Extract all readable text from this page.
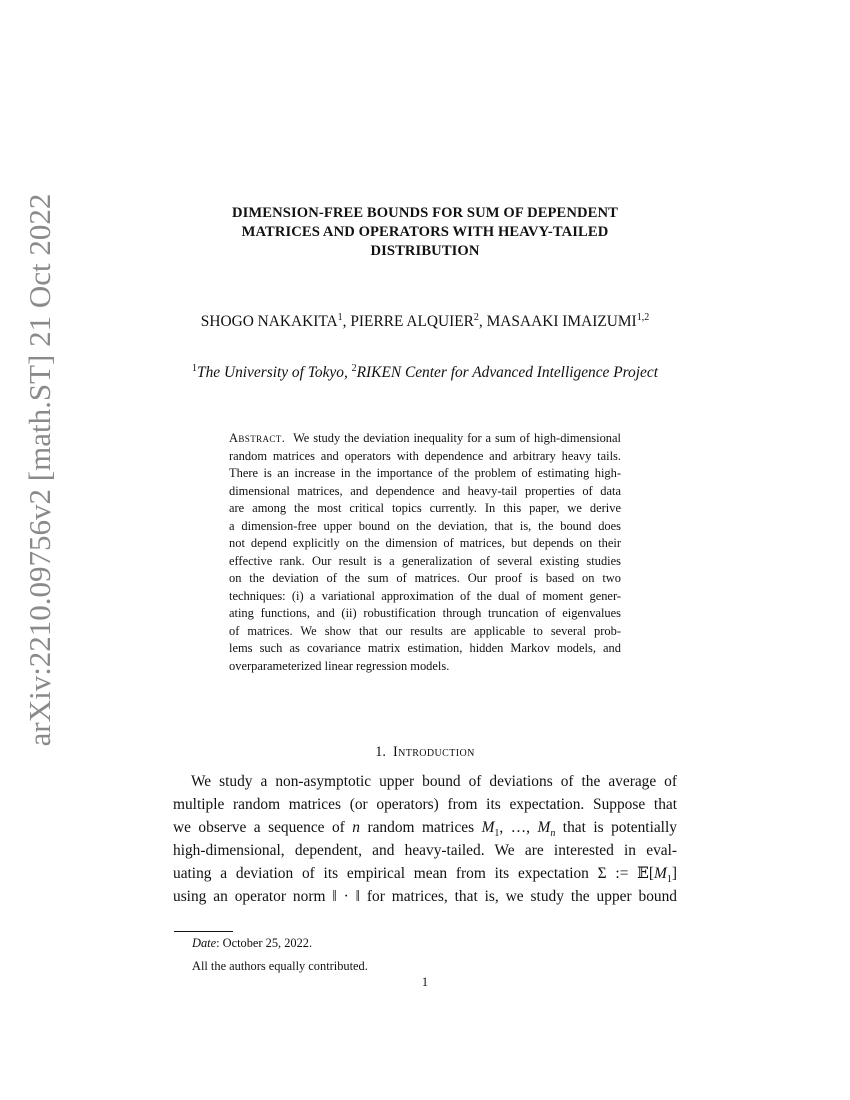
arXiv:2210.09756v2 [math.ST] 21 Oct 2022	DIMENSION-FREE BOUNDS FOR SUM OF DEPENDENT
MATRICES AND OPERATORS WITH HEAVY-TAILED
DISTRIBUTION
SHOGO NAKAKITA$^1$, PIERRE ALQUIER$^2$, MASAAKI IMAIZUMI$^{1,2}$
$^1$The University of Tokyo, $^2$RIKEN Center for Advanced Intelligence Project
Abstract. We study the deviation inequality for a sum of high-dimensional
random matrices and operators with dependence and arbitrary heavy tails.
There is an increase in the importance of the problem of estimating high-
dimensional matrices, and dependence and heavy-tail properties of data
are among the most critical topics currently. In this paper, we derive
a dimension-free upper bound on the deviation, that is, the bound does
not depend explicitly on the dimension of matrices, but depends on their
effective rank. Our result is a generalization of several existing studies
on the deviation of the sum of matrices. Our proof is based on two
techniques: (i) a variational approximation of the dual of moment gener-
ating functions, and (ii) robustification through truncation of eigenvalues
of matrices. We show that our results are applicable to several prob-
lems such as covariance matrix estimation, hidden Markov models, and
overparameterized linear regression models.
1. Introduction
We study a non-asymptotic upper bound of deviations of the average of
multiple random matrices (or operators) from its expectation. Suppose that
we observe a sequence of n random matrices $M_1$, …, $M_n$ that is potentially
high-dimensional, dependent, and heavy-tailed. We are interested in eval-
uating a deviation of its empirical mean from its expectation Σ := $𝔼[M_1]$
using an operator norm ‖ · ‖ for matrices, that is, we study the upper bound
Date: October 25, 2022.
All the authors equally contributed.
1
